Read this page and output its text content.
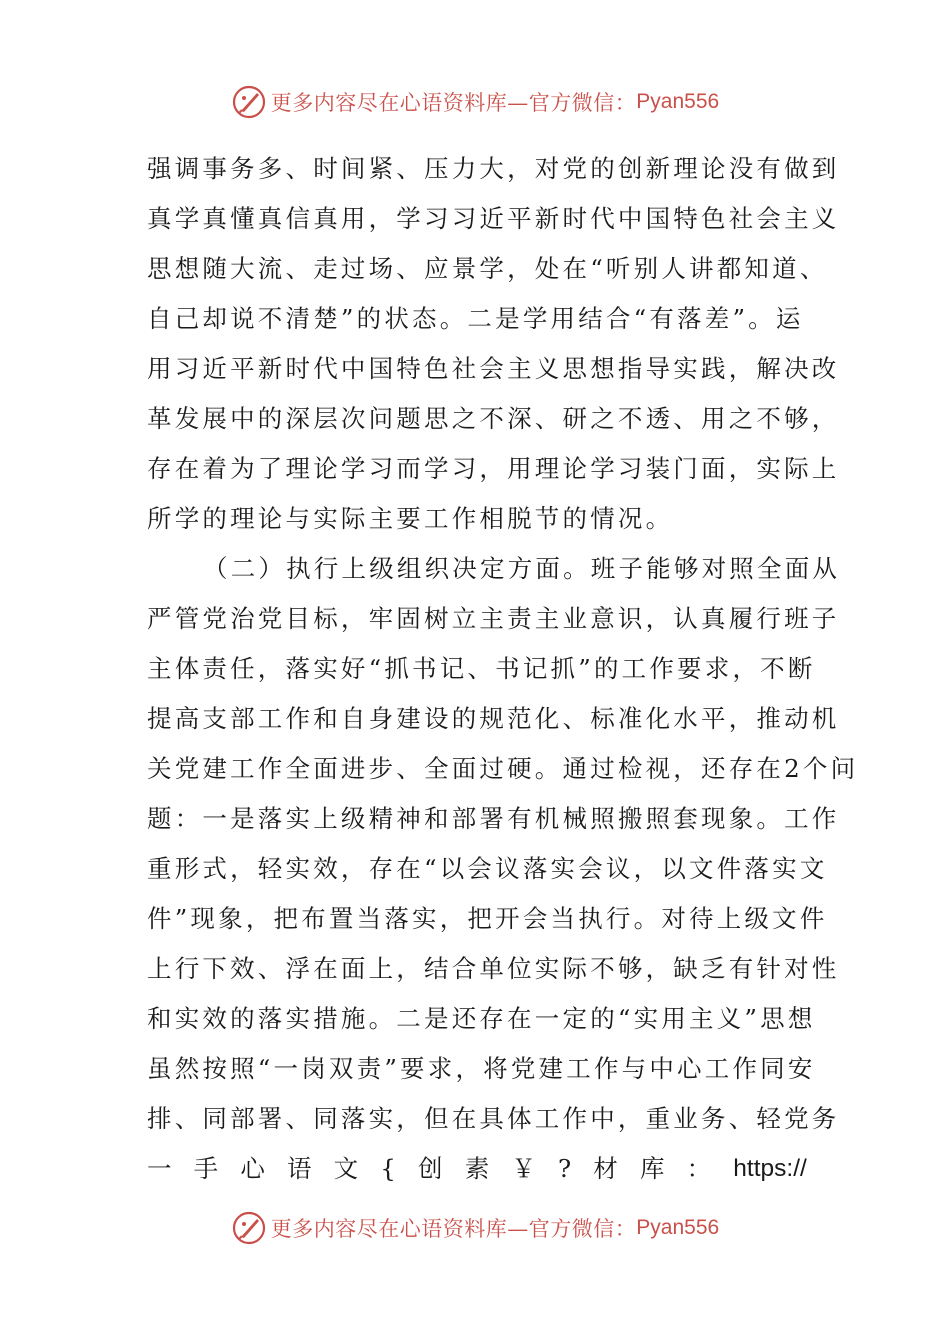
更多内容尽在心语资料库—官方微信： Pyan556
强调事务多、时间紧、压力大，对党的创新理论没有做到
真学真懂真信真用，学习习近平新时代中国特色社会主义
思想随大流、走过场、应景学，处在“听别人讲都知道、
自己却说不清楚”的状态。二是学用结合“有落差”。运
用习近平新时代中国特色社会主义思想指导实践，解决改
革发展中的深层次问题思之不深、研之不透、用之不够，
存在着为了理论学习而学习，用理论学习装门面，实际上
所学的理论与实际主要工作相脱节的情况。
（二）执行上级组织决定方面。班子能够对照全面从
严管党治党目标，牢固树立主责主业意识，认真履行班子
主体责任，落实好“抓书记、书记抓”的工作要求，不断
提高支部工作和自身建设的规范化、标准化水平，推动机
关党建工作全面进步、全面过硬。通过检视，还存在2个问
题：一是落实上级精神和部署有机械照搬照套现象。工作
重形式，轻实效，存在“以会议落实会议，以文件落实文
件”现象，把布置当落实，把开会当执行。对待上级文件
上行下效、浮在面上，结合单位实际不够，缺乏有针对性
和实效的落实措施。二是还存在一定的“实用主义”思想
虽然按照“一岗双责”要求，将党建工作与中心工作同安
排、同部署、同落实，但在具体工作中，重业务、轻党务
一 手 心 语 文 { 创 素 ￥ ? 材 库 ： https://
更多内容尽在心语资料库—官方微信： Pyan556
